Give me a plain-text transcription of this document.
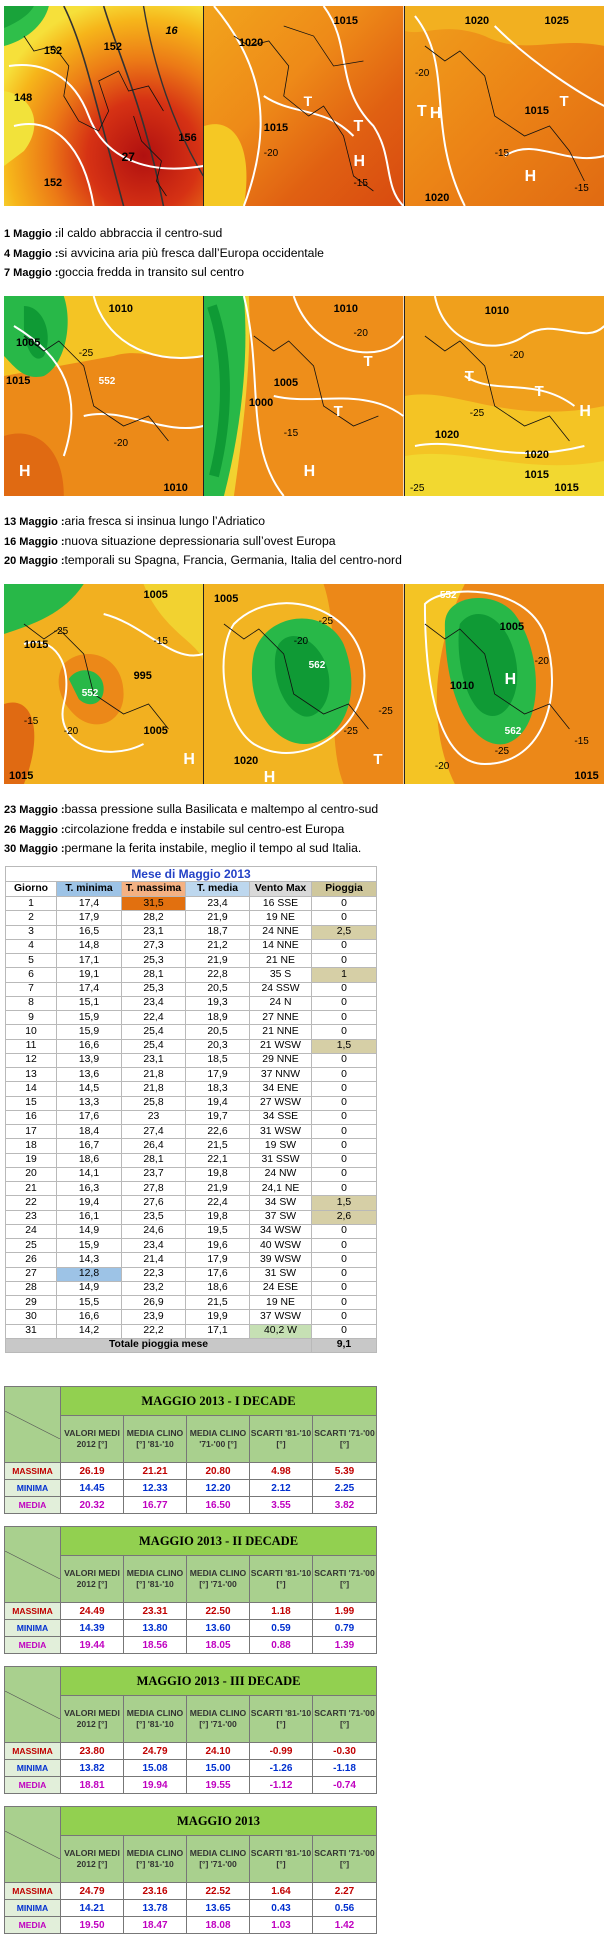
152	152
16
156
148
27
152
1015
1020
1015	T
H
T
-20
-15
1020	1025
-20
T H	1015
-15
H
1020
-15
T
1 Maggio :il caldo abbraccia il centro-sud
4 Maggio :si avvicina aria più fresca dall’Europa occidentale
7 Maggio :goccia fredda in transito sul centro
1010
1005
1015
-25
552
-20
H
1010
1010
-20
1000
1005
-15
T
H
T
1010
-20
-25
T
T
H
1020
1020
-25	1015
1015
13 Maggio :aria fresca si insinua lungo l’Adriatico
16 Maggio :nuova situazione depressionaria sull’ovest Europa
20 Maggio :temporali su Spagna, Francia, Germania, Italia del centro-nord
1005
1015
-25
-15
552
995
-20
-15
1005
1015
H
1005
-25
562
-20
-25
1020	T
H
-25
552
1005
1010
-20
H
562
-25
-20
-15
1015
23 Maggio :bassa pressione sulla Basilicata e maltempo al centro-sud
26 Maggio :circolazione fredda e instabile sul centro-est Europa
30 Maggio :permane la ferita instabile, meglio il tempo al sud Italia.
Mese di Maggio 2013					
Giorno	T. minima	T. massima	T. media	Vento Max	Pioggia
1	17,4	31,5	23,4	16 SSE	0
2	17,9	28,2	21,9	19 NE	0
3	16,5	23,1	18,7	24 NNE	2,5
4	14,8	27,3	21,2	14 NNE	0
5	17,1	25,3	21,9	21 NE	0
6	19,1	28,1	22,8	35 S	1
7	17,4	25,3	20,5	24 SSW	0
8	15,1	23,4	19,3	24 N	0
9	15,9	22,4	18,9	27 NNE	0
10	15,9	25,4	20,5	21 NNE	0
11	16,6	25,4	20,3	21 WSW	1,5
12	13,9	23,1	18,5	29 NNE	0
13	13,6	21,8	17,9	37 NNW	0
14	14,5	21,8	18,3	34 ENE	0
15	13,3	25,8	19,4	27 WSW	0
16	17,6	23	19,7	34 SSE	0
17	18,4	27,4	22,6	31 WSW	0
18	16,7	26,4	21,5	19 SW	0
19	18,6	28,1	22,1	31 SSW	0
20	14,1	23,7	19,8	24 NW	0
21	16,3	27,8	21,9	24,1 NE	0
22	19,4	27,6	22,4	34 SW	1,5
23	16,1	23,5	19,8	37 SW	2,6
24	14,9	24,6	19,5	34 WSW	0
25	15,9	23,4	19,6	40 WSW	0
26	14,3	21,4	17,9	39 WSW	0
27	12,8	22,3	17,6	31 SW	0
28	14,9	23,2	18,6	24 ESE	0
29	15,5	26,9	21,5	19 NE	0
30	16,6	23,9	19,9	37 WSW	0
31	14,2	22,2	17,1	40,2 W	0
Totale pioggia mese					9,1
	MAGGIO 2013 - I DECADE				
	VALORI MEDI 2012 [°]	MEDIA CLINO [°] '81-'10	MEDIA CLINO '71-'00 [°]	SCARTI '81-'10 [°]	SCARTI '71-'00 [°]
MASSIMA	26.19	21.21	20.80	4.98	5.39
MINIMA	14.45	12.33	12.20	2.12	2.25
MEDIA	20.32	16.77	16.50	3.55	3.82
	MAGGIO 2013 - II DECADE				
	VALORI MEDI 2012 [°]	MEDIA CLINO [°] '81-'10	MEDIA CLINO [°] '71-'00	SCARTI '81-'10 [°]	SCARTI '71-'00 [°]
MASSIMA	24.49	23.31	22.50	1.18	1.99
MINIMA	14.39	13.80	13.60	0.59	0.79
MEDIA	19.44	18.56	18.05	0.88	1.39
	MAGGIO 2013 - III DECADE				
	VALORI MEDI 2012 [°]	MEDIA CLINO [°] '81-'10	MEDIA CLINO [°] '71-'00	SCARTI '81-'10 [°]	SCARTI '71-'00 [°]
MASSIMA	23.80	24.79	24.10	-0.99	-0.30
MINIMA	13.82	15.08	15.00	-1.26	-1.18
MEDIA	18.81	19.94	19.55	-1.12	-0.74
	MAGGIO 2013				
	VALORI MEDI 2012 [°]	MEDIA CLINO [°] '81-'10	MEDIA CLINO [°] '71-'00	SCARTI '81-'10 [°]	SCARTI '71-'00 [°]
MASSIMA	24.79	23.16	22.52	1.64	2.27
MINIMA	14.21	13.78	13.65	0.43	0.56
MEDIA	19.50	18.47	18.08	1.03	1.42
